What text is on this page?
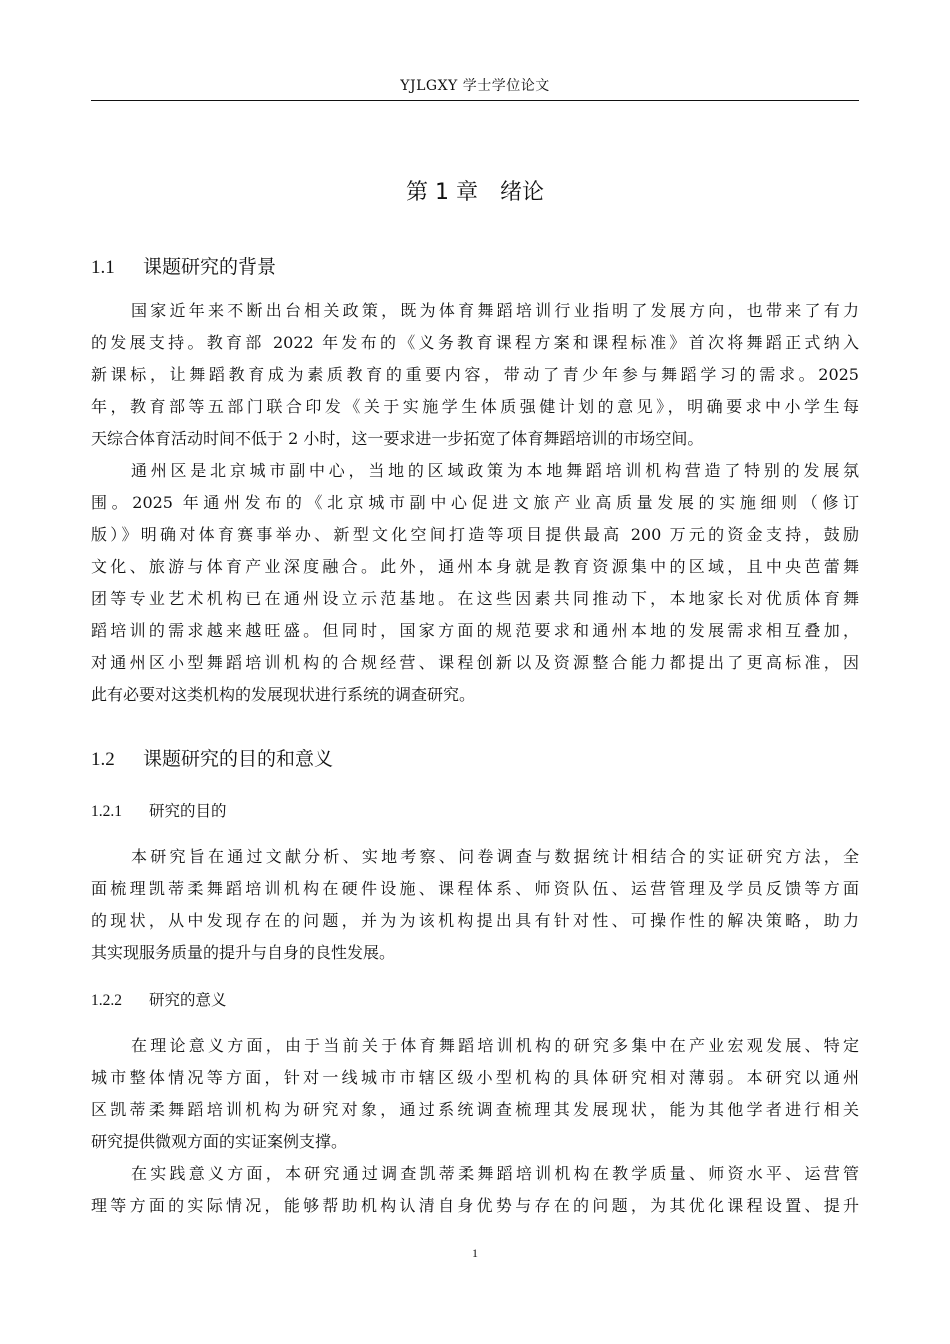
YJLGXY 学士学位论文
第 1 章　绪论
1.1 课题研究的背景
国家近年来不断出台相关政策，既为体育舞蹈培训行业指明了发展方向，也带来了有力
的发展支持。教育部 2022 年发布的《义务教育课程方案和课程标准》首次将舞蹈正式纳入
新课标，让舞蹈教育成为素质教育的重要内容，带动了青少年参与舞蹈学习的需求。2025
年，教育部等五部门联合印发《关于实施学生体质强健计划的意见》，明确要求中小学生每
天综合体育活动时间不低于 2 小时，这一要求进一步拓宽了体育舞蹈培训的市场空间。
通州区是北京城市副中心，当地的区域政策为本地舞蹈培训机构营造了特别的发展氛
围。2025 年通州发布的《北京城市副中心促进文旅产业高质量发展的实施细则（修订
版）》明确对体育赛事举办、新型文化空间打造等项目提供最高 200 万元的资金支持，鼓励
文化、旅游与体育产业深度融合。此外，通州本身就是教育资源集中的区域，且中央芭蕾舞
团等专业艺术机构已在通州设立示范基地。在这些因素共同推动下，本地家长对优质体育舞
蹈培训的需求越来越旺盛。但同时，国家方面的规范要求和通州本地的发展需求相互叠加，
对通州区小型舞蹈培训机构的合规经营、课程创新以及资源整合能力都提出了更高标准，因
此有必要对这类机构的发展现状进行系统的调查研究。
1.2 课题研究的目的和意义
1.2.1 研究的目的
本研究旨在通过文献分析、实地考察、问卷调查与数据统计相结合的实证研究方法，全
面梳理凯蒂柔舞蹈培训机构在硬件设施、课程体系、师资队伍、运营管理及学员反馈等方面
的现状，从中发现存在的问题，并为为该机构提出具有针对性、可操作性的解决策略，助力
其实现服务质量的提升与自身的良性发展。
1.2.2 研究的意义
在理论意义方面，由于当前关于体育舞蹈培训机构的研究多集中在产业宏观发展、特定
城市整体情况等方面，针对一线城市市辖区级小型机构的具体研究相对薄弱。本研究以通州
区凯蒂柔舞蹈培训机构为研究对象，通过系统调查梳理其发展现状，能为其他学者进行相关
研究提供微观方面的实证案例支撑。
在实践意义方面，本研究通过调查凯蒂柔舞蹈培训机构在教学质量、师资水平、运营管
理等方面的实际情况，能够帮助机构认清自身优势与存在的问题，为其优化课程设置、提升
1
